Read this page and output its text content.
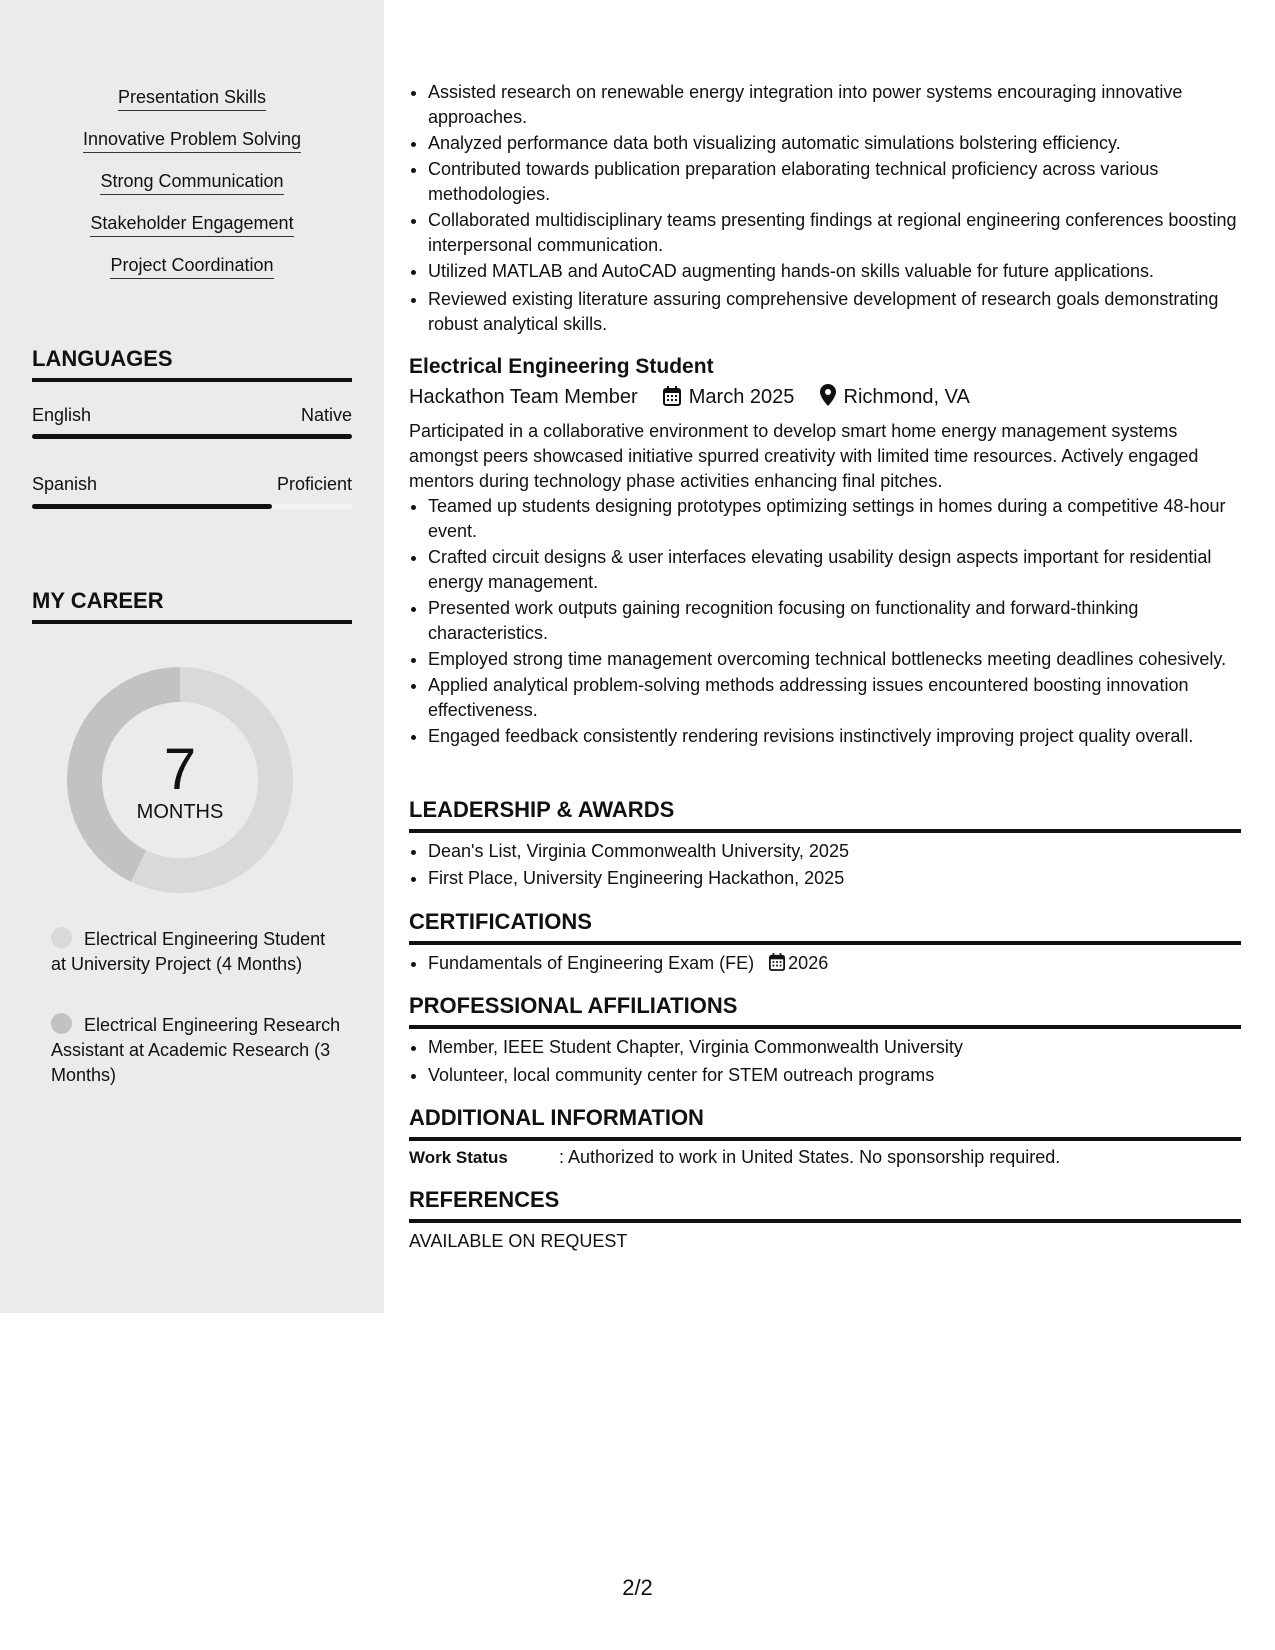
Presentation Skills
Innovative Problem Solving
Strong Communication
Stakeholder Engagement
Project Coordination
LANGUAGES
English	Native
Spanish	Proficient
MY CAREER
7
MONTHS
Electrical Engineering Student at University Project (4 Months)
Electrical Engineering Research Assistant at Academic Research (3 Months)
• Assisted research on renewable energy integration into power systems encouraging innovative approaches.
• Analyzed performance data both visualizing automatic simulations bolstering efficiency.
• Contributed towards publication preparation elaborating technical proficiency across various methodologies.
• Collaborated multidisciplinary teams presenting findings at regional engineering conferences boosting interpersonal communication.
• Utilized MATLAB and AutoCAD augmenting hands-on skills valuable for future applications.
• Reviewed existing literature assuring comprehensive development of research goals demonstrating robust analytical skills.
Electrical Engineering Student
Hackathon Team Member	March 2025 Richmond, VA
Participated in a collaborative environment to develop smart home energy management systems amongst peers showcased initiative spurred creativity with limited time resources. Actively engaged mentors during technology phase activities enhancing final pitches.
• Teamed up students designing prototypes optimizing settings in homes during a competitive 48-hour event.
• Crafted circuit designs & user interfaces elevating usability design aspects important for residential energy management.
• Presented work outputs gaining recognition focusing on functionality and forward-thinking characteristics.
• Employed strong time management overcoming technical bottlenecks meeting deadlines cohesively.
• Applied analytical problem-solving methods addressing issues encountered boosting innovation effectiveness.
• Engaged feedback consistently rendering revisions instinctively improving project quality overall.
LEADERSHIP & AWARDS
• Dean's List, Virginia Commonwealth University, 2025
• First Place, University Engineering Hackathon, 2025
CERTIFICATIONS
• Fundamentals of Engineering Exam (FE) 2026
PROFESSIONAL AFFILIATIONS
• Member, IEEE Student Chapter, Virginia Commonwealth University
• Volunteer, local community center for STEM outreach programs
ADDITIONAL INFORMATION
Work Status	: Authorized to work in United States. No sponsorship required.
REFERENCES
AVAILABLE ON REQUEST
2/2
